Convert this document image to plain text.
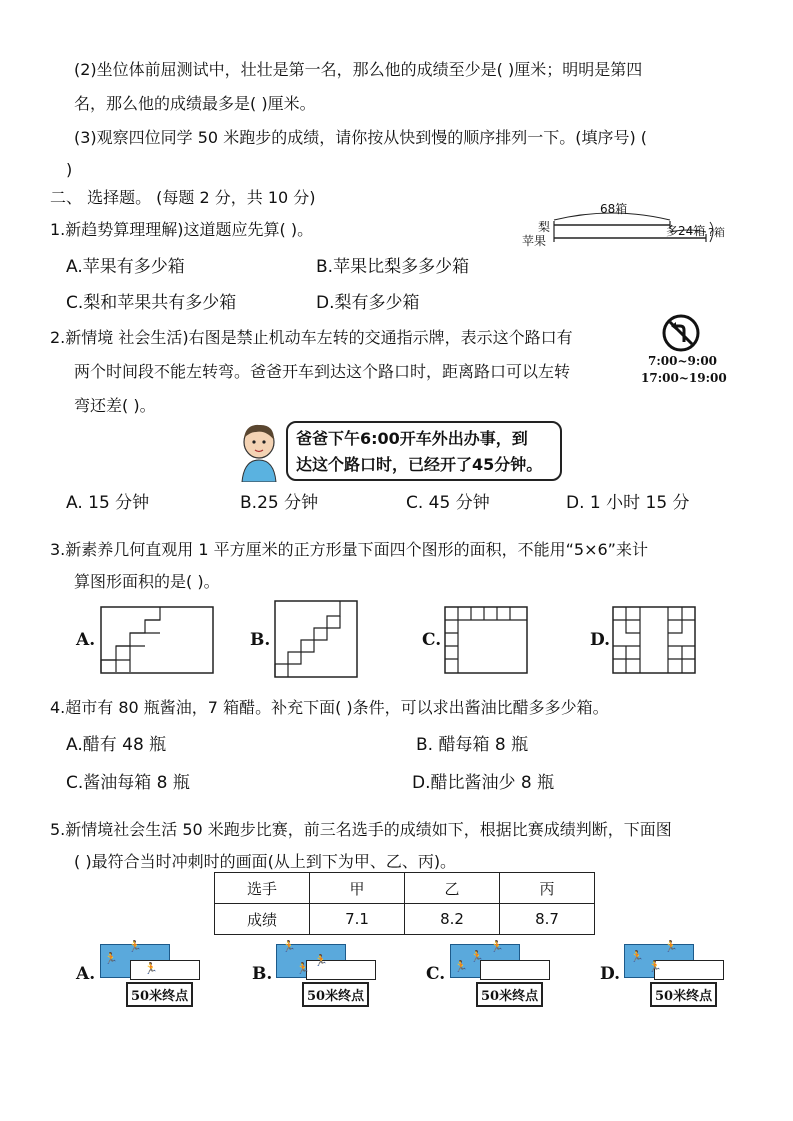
(2)坐位体前屈测试中，壮壮是第一名，那么他的成绩至少是( )厘米；明明是第四
名，那么他的成绩最多是( )厘米。
(3)观察四位同学 50 米跑步的成绩，请你按从快到慢的顺序排列一下。(填序号) (
)
二、 选择题。 (每题 2 分，共 10 分)
1.新趋势算理理解)这道题应先算( )。	梨
苹果
68箱
多24箱 ?箱
A.苹果有多少箱	B.苹果比梨多多少箱
C.梨和苹果共有多少箱	D.梨有多少箱
2.新情境 社会生活)右图是禁止机动车左转的交通指示牌，表示这个路口有
两个时间段不能左转弯。爸爸开车到达这个路口时，距离路口可以左转
弯还差( )。
7:00~9:00
17:00~19:00
爸爸下午6:00开车外出办事，到
达这个路口时，已经开了45分钟。
A. 15 分钟	B.25 分钟	C. 45 分钟	D. 1 小时 15 分
3.新素养几何直观用 1 平方厘米的正方形量下面四个图形的面积，不能用“5×6”来计
算图形面积的是( )。
A.	B.	C.	D.
4.超市有 80 瓶酱油，7 箱醋。补充下面( )条件，可以求出酱油比醋多多少箱。
A.醋有 48 瓶	B. 醋每箱 8 瓶
C.酱油每箱 8 瓶	D.醋比酱油少 8 瓶
5.新情境社会生活 50 米跑步比赛，前三名选手的成绩如下，根据比赛成绩判断，下面图
( )最符合当时冲刺时的画面(从上到下为甲、乙、丙)。
选手	甲	乙	丙
成绩	7.1	8.2	8.7
A.
🏃
🏃
🏃
50米终点
B.
🏃
🏃
🏃
50米终点
C.
🏃
🏃
🏃
50米终点
D.
🏃
🏃
🏃
50米终点
